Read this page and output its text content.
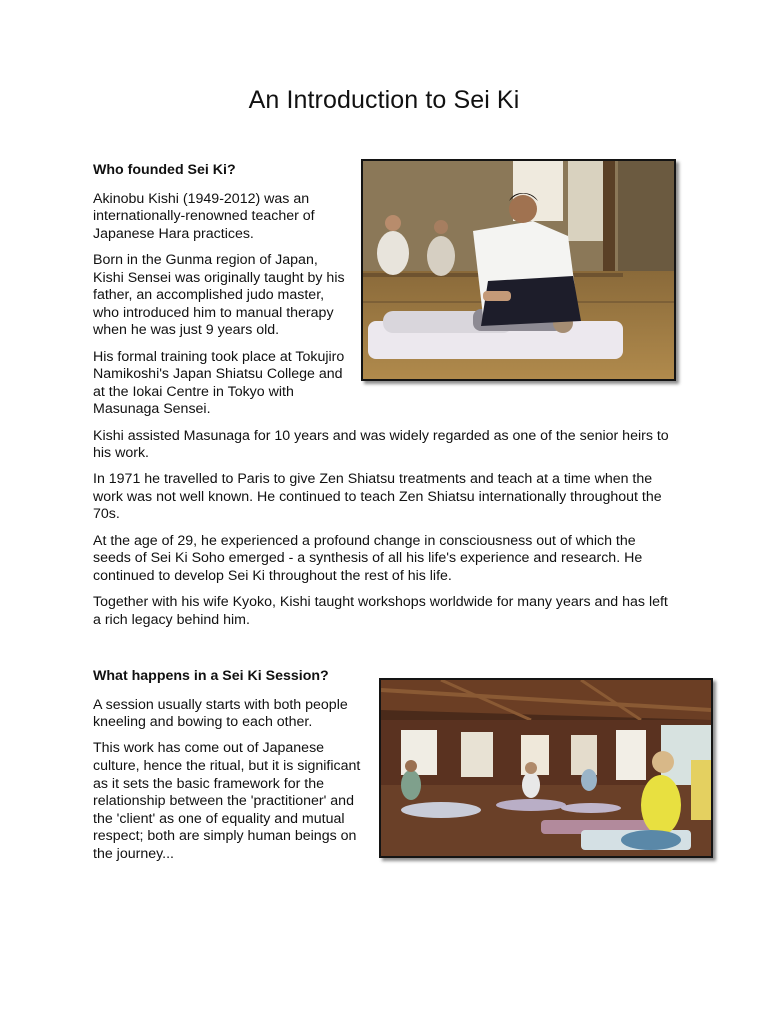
An Introduction to Sei Ki
Who founded Sei Ki?

Akinobu Kishi (1949-2012) was an internationally-renowned teacher of Japanese Hara practices.

Born in the Gunma region of Japan, Kishi Sensei was originally taught by his father, an accomplished judo master, who introduced him to manual therapy when he was just 9 years old.

His formal training took place at Tokujiro Namikoshi's Japan Shiatsu College and at the Iokai Centre in Tokyo with Masunaga Sensei.

Kishi assisted Masunaga for 10 years and was widely regarded as one of the senior heirs to his work.

In 1971 he travelled to Paris to give Zen Shiatsu treatments and teach at a time when the work was not well known. He continued to teach Zen Shiatsu internationally throughout the 70s.

At the age of 29, he experienced a profound change in consciousness out of which the seeds of Sei Ki Soho emerged - a synthesis of all his life's experience and research. He continued to develop Sei Ki throughout the rest of his life.

Together with his wife Kyoko, Kishi taught workshops worldwide for many years and has left a rich legacy behind him.

What happens in a Sei Ki Session?

A session usually starts with both people kneeling and bowing to each other.

This work has come out of Japanese culture, hence the ritual, but it is significant as it sets the basic framework for the relationship between the 'practitioner' and the 'client' as one of equality and mutual respect; both are simply human beings on the journey...
